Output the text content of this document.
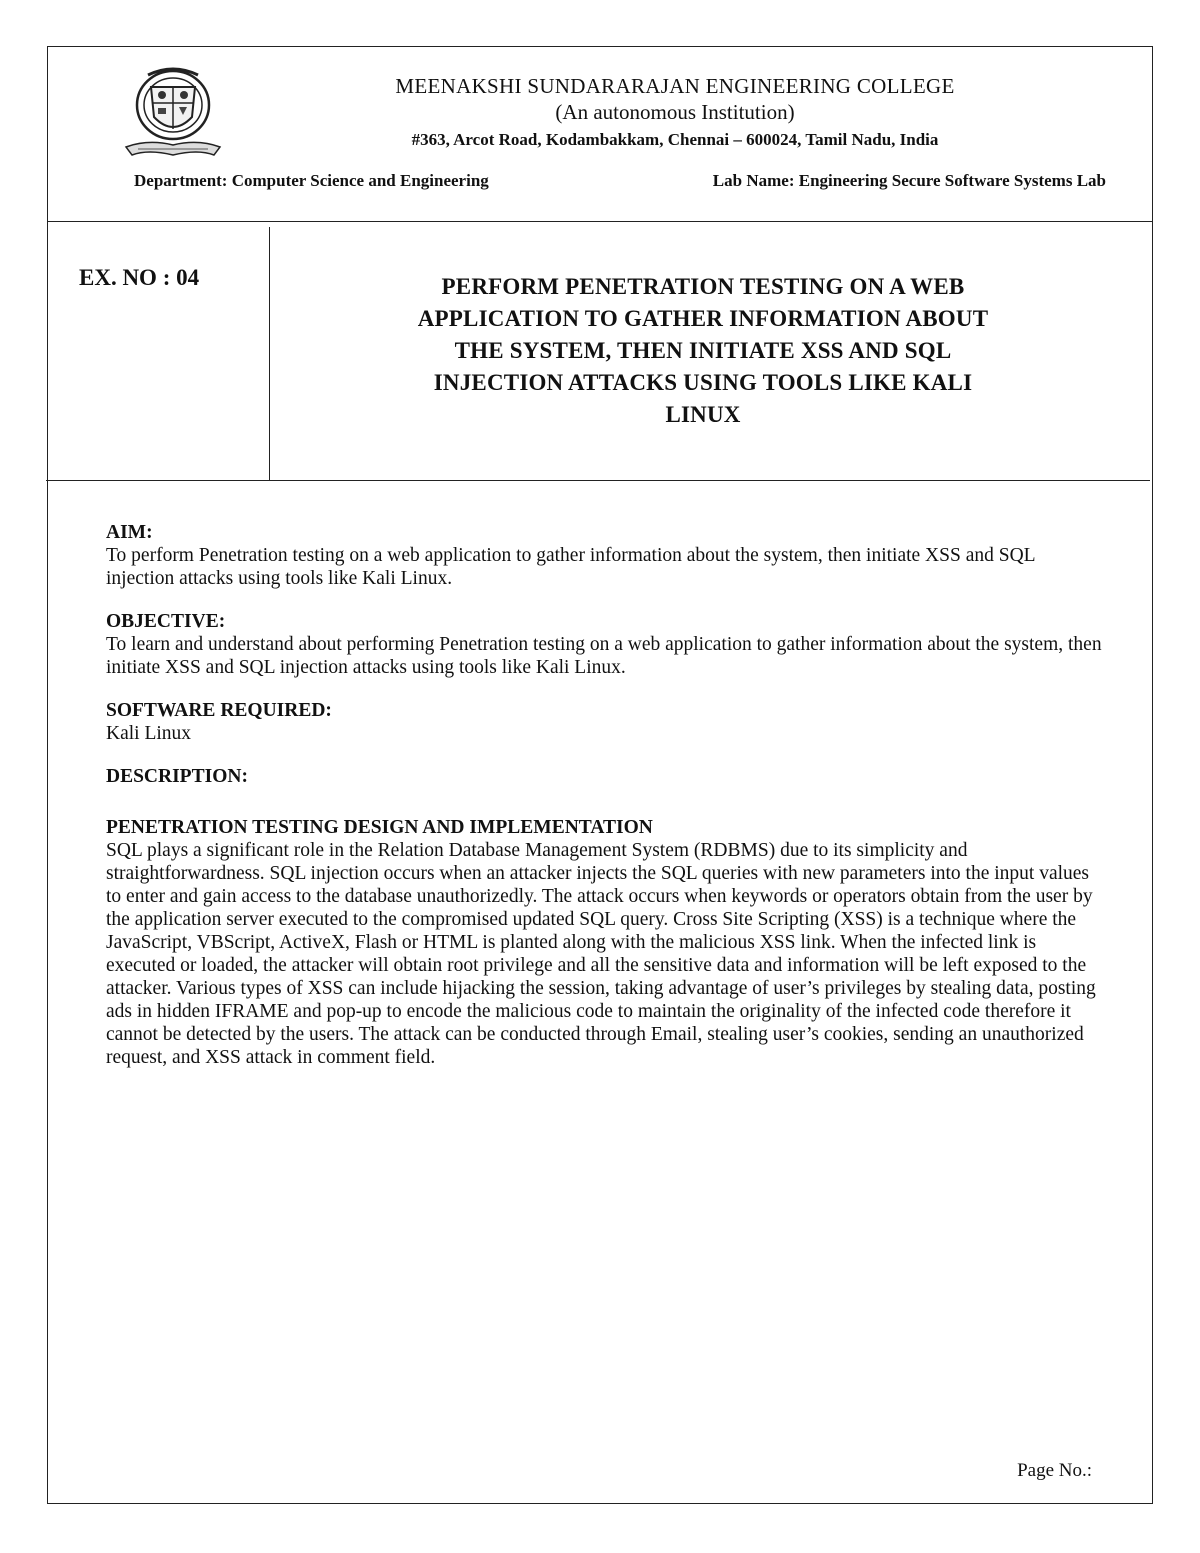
MEENAKSHI SUNDARARAJAN ENGINEERING COLLEGE
(An autonomous Institution)
#363, Arcot Road, Kodambakkam, Chennai – 600024, Tamil Nadu, India
Department: Computer Science and Engineering	Lab Name: Engineering Secure Software Systems Lab
EX. NO : 04	PERFORM PENETRATION TESTING ON A WEB
APPLICATION TO GATHER INFORMATION ABOUT
THE SYSTEM, THEN INITIATE XSS AND SQL
INJECTION ATTACKS USING TOOLS LIKE KALI
LINUX

AIM:

To perform Penetration testing on a web application to gather information about the system, then initiate XSS and SQL injection attacks using tools like Kali Linux.

OBJECTIVE:

To learn and understand about performing Penetration testing on a web application to gather information about the system, then initiate XSS and SQL injection attacks using tools like Kali Linux.

SOFTWARE REQUIRED:

Kali Linux

DESCRIPTION:

PENETRATION TESTING DESIGN AND IMPLEMENTATION

SQL plays a significant role in the Relation Database Management System (RDBMS) due to its simplicity and straightforwardness. SQL injection occurs when an attacker injects the SQL queries with new parameters into the input values to enter and gain access to the database unauthorizedly. The attack occurs when keywords or operators obtain from the user by the application server executed to the compromised updated SQL query. Cross Site Scripting (XSS) is a technique where the JavaScript, VBScript, ActiveX, Flash or HTML is planted along with the malicious XSS link. When the infected link is executed or loaded, the attacker will obtain root privilege and all the sensitive data and information will be left exposed to the attacker. Various types of XSS can include hijacking the session, taking advantage of user’s privileges by stealing data, posting ads in hidden IFRAME and pop-up to encode the malicious code to maintain the originality of the infected code therefore it cannot be detected by the users. The attack can be conducted through Email, stealing user’s cookies, sending an unauthorized request, and XSS attack in comment field.

Page No.:
